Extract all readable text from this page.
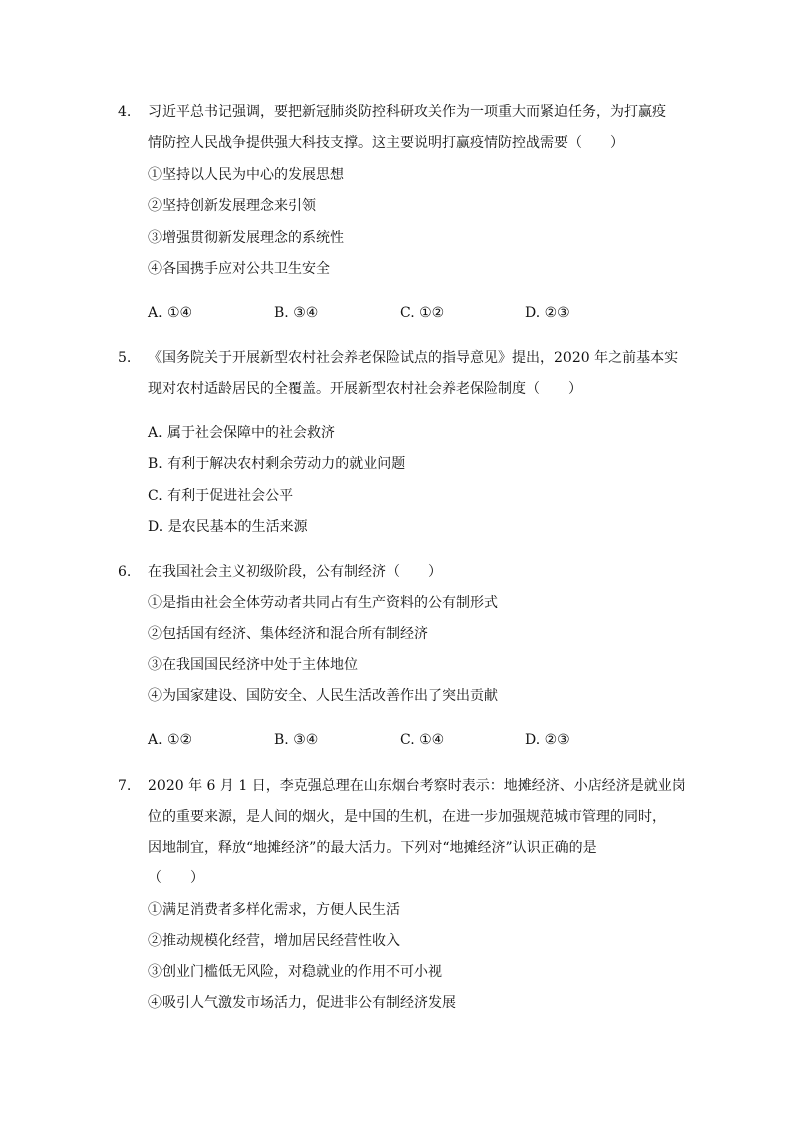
4. 习近平总书记强调，要把新冠肺炎防控科研攻关作为一项重大而紧迫任务，为打赢疫
情防控人民战争提供强大科技支撑。这主要说明打赢疫情防控战需要（　　）
①坚持以人民为中心的发展思想
②坚持创新发展理念来引领
③增强贯彻新发展理念的系统性
④各国携手应对公共卫生安全
A. ①④	B. ③④	C. ①②	D. ②③
5. 《国务院关于开展新型农村社会养老保险试点的指导意见》提出，2020 年之前基本实
现对农村适龄居民的全覆盖。开展新型农村社会养老保险制度（　　）
A. 属于社会保障中的社会救济
B. 有利于解决农村剩余劳动力的就业问题
C. 有利于促进社会公平
D. 是农民基本的生活来源
6. 在我国社会主义初级阶段，公有制经济（　　）
①是指由社会全体劳动者共同占有生产资料的公有制形式
②包括国有经济、集体经济和混合所有制经济
③在我国国民经济中处于主体地位
④为国家建设、国防安全、人民生活改善作出了突出贡献
A. ①②	B. ③④	C. ①④	D. ②③
7. 2020 年 6 月 1 日，李克强总理在山东烟台考察时表示：地摊经济、小店经济是就业岗
位的重要来源，是人间的烟火，是中国的生机，在进一步加强规范城市管理的同时，
因地制宜，释放“地摊经济”的最大活力。下列对“地摊经济”认识正确的是
（　　）
①满足消费者多样化需求，方便人民生活
②推动规模化经营，增加居民经营性收入
③创业门槛低无风险，对稳就业的作用不可小视
④吸引人气激发市场活力，促进非公有制经济发展
